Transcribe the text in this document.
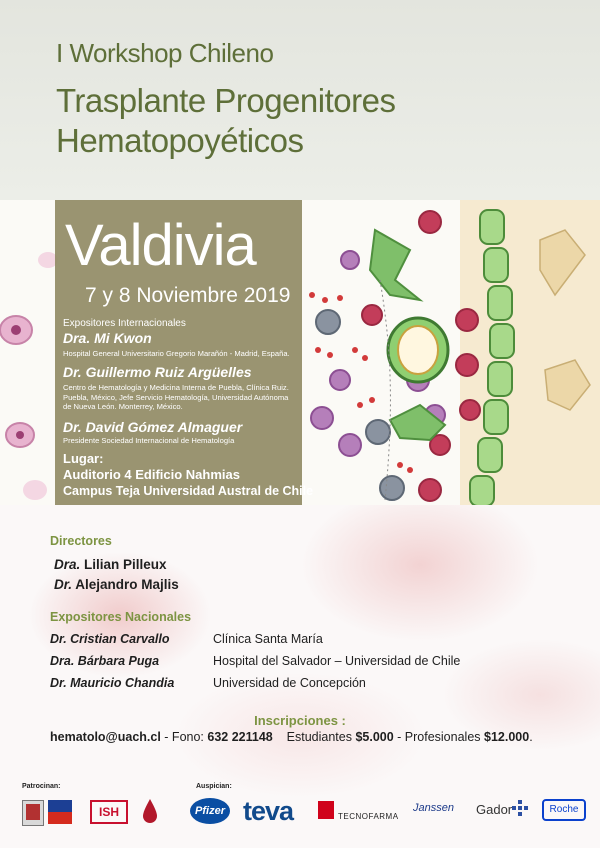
I Workshop Chileno
Trasplante Progenitores
Hematopoyéticos
Valdivia
7 y 8 Noviembre 2019
Expositores Internacionales
Dra. Mi Kwon
Hospital General Universitario Gregorio Marañón - Madrid, España.
Dr. Guillermo Ruiz Argüelles
Centro de Hematología y Medicina Interna de Puebla, Clínica Ruiz. Puebla, México, Jefe Servicio Hematología, Universidad Autónoma de Nueva León. Monterrey, México.
Dr. David Gómez Almaguer
Presidente Sociedad Internacional de Hematología
Lugar:
Auditorio 4 Edificio Nahmias
Campus Teja Universidad Austral de Chile
Directores
Dra. Lilian Pilleux
Dr. Alejandro Majlis
Expositores Nacionales
Dr. Cristian Carvallo	Clínica Santa María
Dra. Bárbara Puga	Hospital del Salvador – Universidad de Chile
Dr. Mauricio Chandia	Universidad de Concepción
Inscripciones :
hematolo@uach.cl - Fono: 632 221148 Estudiantes $5.000 - Profesionales $12.000.
Patrocinan:	Auspician:
ISH	Pfizer teva	TECNOFARMA
Janssen Gador	Roche
